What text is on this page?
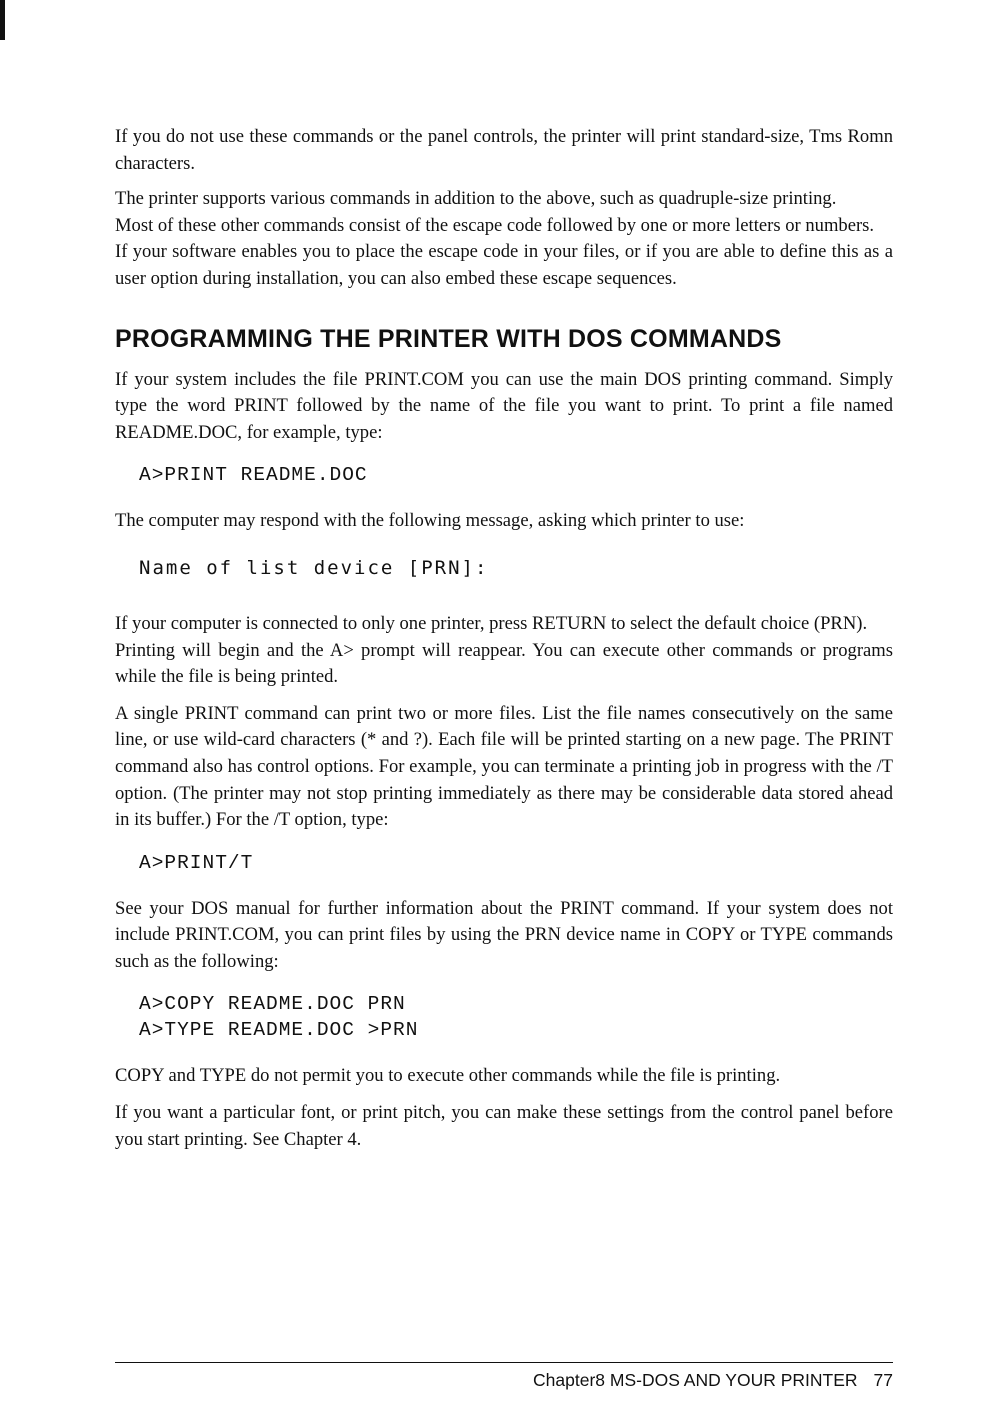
If you do not use these commands or the panel controls, the printer will print standard-size, Tms Romn characters.

The printer supports various commands in addition to the above, such as quadruple-size printing.

Most of these other commands consist of the escape code followed by one or more letters or numbers.

If your software enables you to place the escape code in your files, or if you are able to define this as a user option during installation, you can also embed these escape sequences.

PROGRAMMING THE PRINTER WITH DOS COMMANDS

If your system includes the file PRINT.COM you can use the main DOS printing command. Simply type the word PRINT followed by the name of the file you want to print. To print a file named README.DOC, for example, type:

A>PRINT README.DOC

The computer may respond with the following message, asking which printer to use:

Name of list device [PRN]:

If your computer is connected to only one printer, press RETURN to select the default choice (PRN).

Printing will begin and the A> prompt will reappear. You can execute other commands or programs while the file is being printed.

A single PRINT command can print two or more files. List the file names consecutively on the same line, or use wild-card characters (* and ?). Each file will be printed starting on a new page. The PRINT command also has control options. For example, you can terminate a printing job in progress with the /T option. (The printer may not stop printing immediately as there may be considerable data stored ahead in its buffer.) For the /T option, type:

A>PRINT/T

See your DOS manual for further information about the PRINT command. If your system does not include PRINT.COM, you can print files by using the PRN device name in COPY or TYPE commands such as the following:

A>COPY README.DOC PRN
A>TYPE README.DOC >PRN

COPY and TYPE do not permit you to execute other commands while the file is printing.

If you want a particular font, or print pitch, you can make these settings from the control panel before you start printing. See Chapter 4.

Chapter8 MS-DOS AND YOUR PRINTER 77
